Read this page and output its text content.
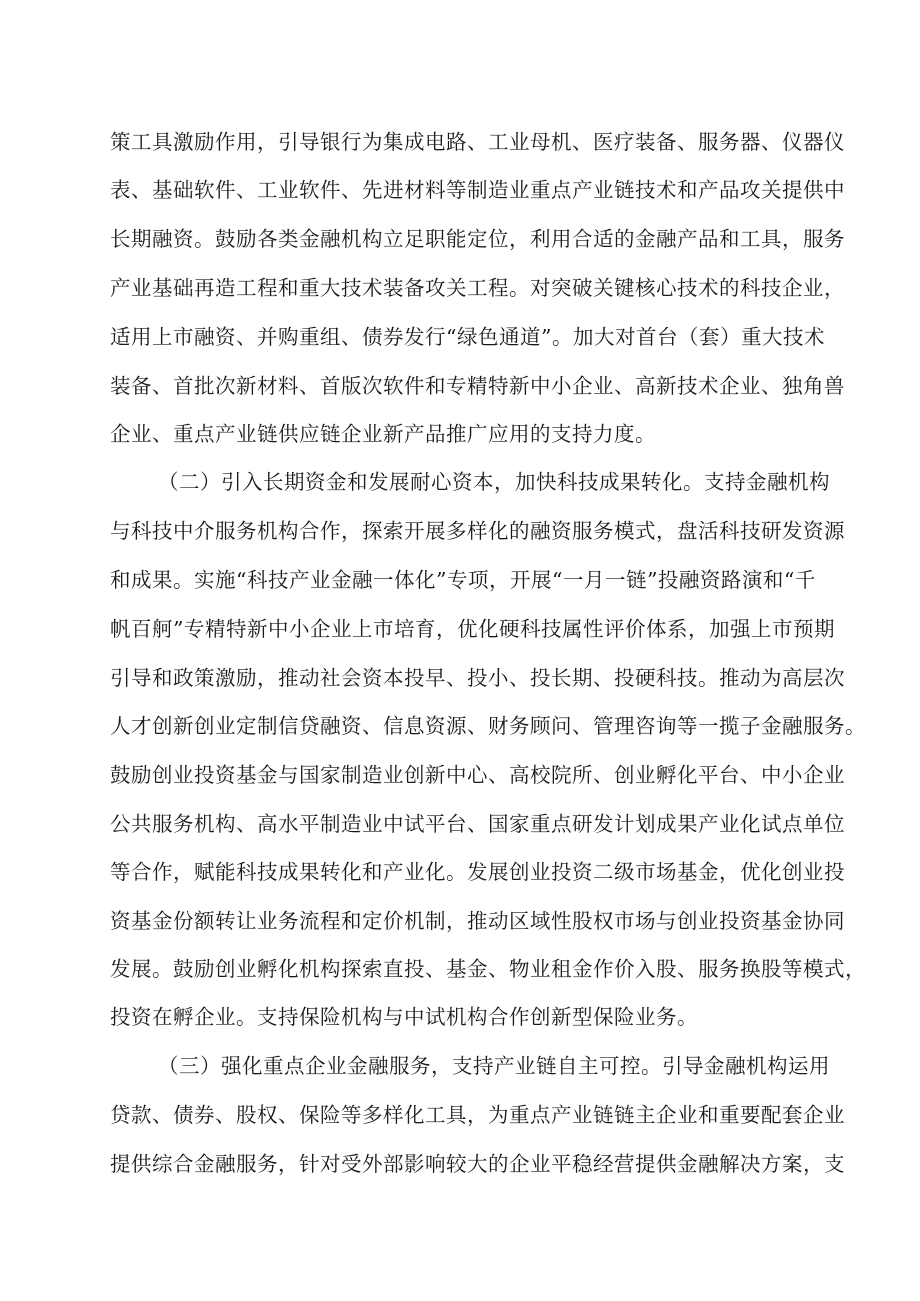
策工具激励作用，引导银行为集成电路、工业母机、医疗装备、服务器、仪器仪
表、基础软件、工业软件、先进材料等制造业重点产业链技术和产品攻关提供中
长期融资。鼓励各类金融机构立足职能定位，利用合适的金融产品和工具，服务
产业基础再造工程和重大技术装备攻关工程。对突破关键核心技术的科技企业，
适用上市融资、并购重组、债券发行“绿色通道”。加大对首台（套）重大技术
装备、首批次新材料、首版次软件和专精特新中小企业、高新技术企业、独角兽
企业、重点产业链供应链企业新产品推广应用的支持力度。
（二）引入长期资金和发展耐心资本，加快科技成果转化。支持金融机构
与科技中介服务机构合作，探索开展多样化的融资服务模式，盘活科技研发资源
和成果。实施“科技产业金融一体化”专项，开展“一月一链”投融资路演和“千
帆百舸”专精特新中小企业上市培育，优化硬科技属性评价体系，加强上市预期
引导和政策激励，推动社会资本投早、投小、投长期、投硬科技。推动为高层次
人才创新创业定制信贷融资、信息资源、财务顾问、管理咨询等一揽子金融服务。
鼓励创业投资基金与国家制造业创新中心、高校院所、创业孵化平台、中小企业
公共服务机构、高水平制造业中试平台、国家重点研发计划成果产业化试点单位
等合作，赋能科技成果转化和产业化。发展创业投资二级市场基金，优化创业投
资基金份额转让业务流程和定价机制，推动区域性股权市场与创业投资基金协同
发展。鼓励创业孵化机构探索直投、基金、物业租金作价入股、服务换股等模式，
投资在孵企业。支持保险机构与中试机构合作创新型保险业务。
（三）强化重点企业金融服务，支持产业链自主可控。引导金融机构运用
贷款、债券、股权、保险等多样化工具，为重点产业链链主企业和重要配套企业
提供综合金融服务，针对受外部影响较大的企业平稳经营提供金融解决方案，支
